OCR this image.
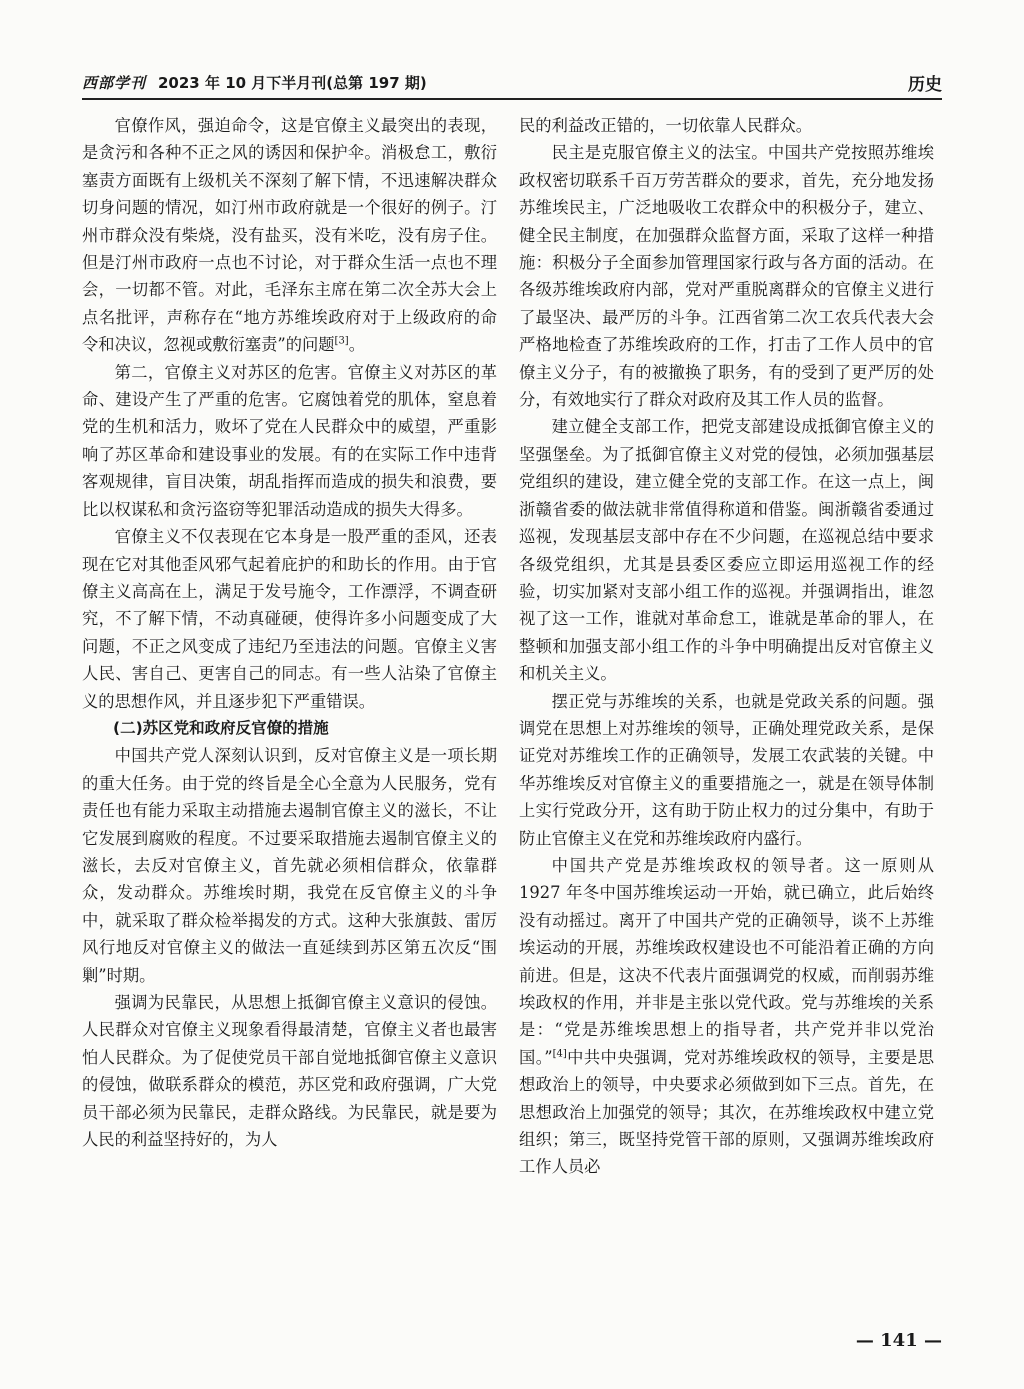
西部学刊 2023 年 10 月下半月刊(总第 197 期)	历史

官僚作风，强迫命令，这是官僚主义最突出的表现，是贪污和各种不正之风的诱因和保护伞。消极怠工，敷衍塞责方面既有上级机关不深刻了解下情，不迅速解决群众切身问题的情况，如汀州市政府就是一个很好的例子。汀州市群众没有柴烧，没有盐买，没有米吃，没有房子住。但是汀州市政府一点也不讨论，对于群众生活一点也不理会，一切都不管。对此，毛泽东主席在第二次全苏大会上点名批评，声称存在“地方苏维埃政府对于上级政府的命令和决议，忽视或敷衍塞责”的问题[3]。

第二，官僚主义对苏区的危害。官僚主义对苏区的革命、建设产生了严重的危害。它腐蚀着党的肌体，窒息着党的生机和活力，败坏了党在人民群众中的威望，严重影响了苏区革命和建设事业的发展。有的在实际工作中违背客观规律，盲目决策，胡乱指挥而造成的损失和浪费，要比以权谋私和贪污盗窃等犯罪活动造成的损失大得多。

官僚主义不仅表现在它本身是一股严重的歪风，还表现在它对其他歪风邪气起着庇护的和助长的作用。由于官僚主义高高在上，满足于发号施令，工作漂浮，不调查研究，不了解下情，不动真碰硬，使得许多小问题变成了大问题，不正之风变成了违纪乃至违法的问题。官僚主义害人民、害自己、更害自己的同志。有一些人沾染了官僚主义的思想作风，并且逐步犯下严重错误。

(二)苏区党和政府反官僚的措施

中国共产党人深刻认识到，反对官僚主义是一项长期的重大任务。由于党的终旨是全心全意为人民服务，党有责任也有能力采取主动措施去遏制官僚主义的滋长，不让它发展到腐败的程度。不过要采取措施去遏制官僚主义的滋长，去反对官僚主义，首先就必须相信群众，依靠群众，发动群众。苏维埃时期，我党在反官僚主义的斗争中，就采取了群众检举揭发的方式。这种大张旗鼓、雷厉风行地反对官僚主义的做法一直延续到苏区第五次反“围剿”时期。

强调为民靠民，从思想上抵御官僚主义意识的侵蚀。人民群众对官僚主义现象看得最清楚，官僚主义者也最害怕人民群众。为了促使党员干部自觉地抵御官僚主义意识的侵蚀，做联系群众的模范，苏区党和政府强调，广大党员干部必须为民靠民，走群众路线。为民靠民，就是要为人民的利益坚持好的，为人

民的利益改正错的，一切依靠人民群众。

民主是克服官僚主义的法宝。中国共产党按照苏维埃政权密切联系千百万劳苦群众的要求，首先，充分地发扬苏维埃民主，广泛地吸收工农群众中的积极分子，建立、健全民主制度，在加强群众监督方面，采取了这样一种措施：积极分子全面参加管理国家行政与各方面的活动。在各级苏维埃政府内部，党对严重脱离群众的官僚主义进行了最坚决、最严厉的斗争。江西省第二次工农兵代表大会严格地检查了苏维埃政府的工作，打击了工作人员中的官僚主义分子，有的被撤换了职务，有的受到了更严厉的处分，有效地实行了群众对政府及其工作人员的监督。

建立健全支部工作，把党支部建设成抵御官僚主义的坚强堡垒。为了抵御官僚主义对党的侵蚀，必须加强基层党组织的建设，建立健全党的支部工作。在这一点上，闽浙赣省委的做法就非常值得称道和借鉴。闽浙赣省委通过巡视，发现基层支部中存在不少问题，在巡视总结中要求各级党组织，尤其是县委区委应立即运用巡视工作的经验，切实加紧对支部小组工作的巡视。并强调指出，谁忽视了这一工作，谁就对革命怠工，谁就是革命的罪人，在整顿和加强支部小组工作的斗争中明确提出反对官僚主义和机关主义。

摆正党与苏维埃的关系，也就是党政关系的问题。强调党在思想上对苏维埃的领导，正确处理党政关系，是保证党对苏维埃工作的正确领导，发展工农武装的关键。中华苏维埃反对官僚主义的重要措施之一，就是在领导体制上实行党政分开，这有助于防止权力的过分集中，有助于防止官僚主义在党和苏维埃政府内盛行。

中国共产党是苏维埃政权的领导者。这一原则从 1927 年冬中国苏维埃运动一开始，就已确立，此后始终没有动摇过。离开了中国共产党的正确领导，谈不上苏维埃运动的开展，苏维埃政权建设也不可能沿着正确的方向前进。但是，这决不代表片面强调党的权威，而削弱苏维埃政权的作用，并非是主张以党代政。党与苏维埃的关系是：“党是苏维埃思想上的指导者，共产党并非以党治国。”[4]中共中央强调，党对苏维埃政权的领导，主要是思想政治上的领导，中央要求必须做到如下三点。首先，在思想政治上加强党的领导；其次，在苏维埃政权中建立党组织；第三，既坚持党管干部的原则，又强调苏维埃政府工作人员必

— 141 —
